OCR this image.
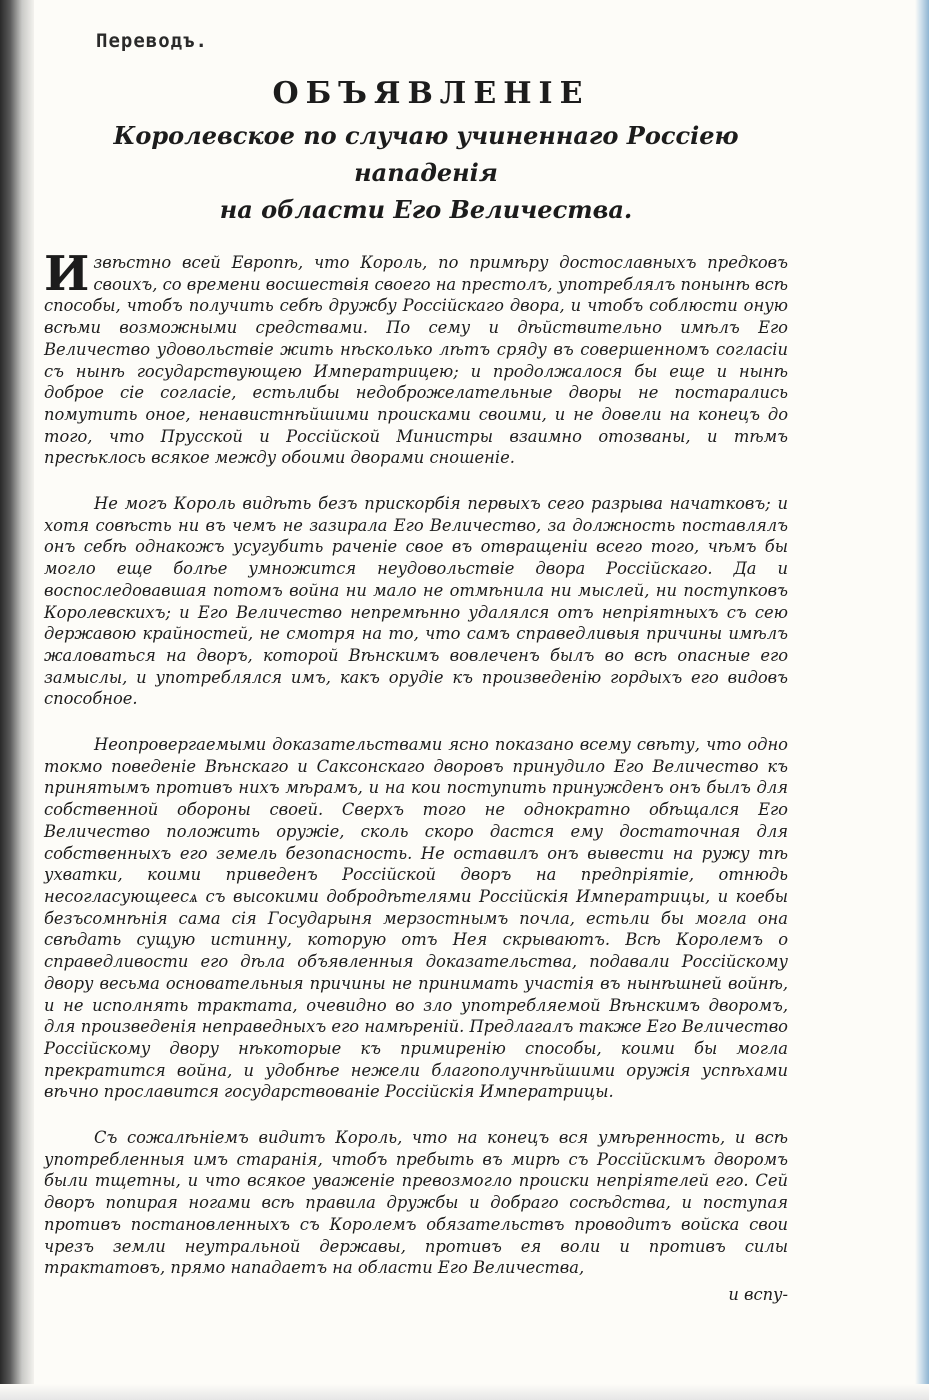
Переводъ.
ОБЪЯВЛЕНІЕ
Королевское по случаю учиненнаго Россіею нападенія
на области Его Величества.

Извѣстно всей Европѣ, что Король, по примѣру достославныхъ предковъ своихъ, со времени восшествія своего на престолъ, употреблялъ понынѣ всѣ способы, чтобъ получить себѣ дружбу Россійскаго двора, и чтобъ соблюсти оную всѣми возможными средствами. По сему и дѣйствительно имѣлъ Его Величество удовольствіе жить нѣсколько лѣтъ сряду въ совершенномъ согласіи съ нынѣ государствующею Императрицею; и продолжалося бы еще и нынѣ доброе сіе согласіе, естьлибы недоброжелательные дворы не постарались помутить оное, ненавистнѣйшими происками своими, и не довели на конецъ до того, что Прусской и Россійской Министры взаимно отозваны, и тѣмъ пресѣклось всякое между обоими дворами сношеніе.

Не могъ Король видѣть безъ прискорбія первыхъ сего разрыва начатковъ; и хотя совѣсть ни въ чемъ не зазирала Его Величество, за должность поставлялъ онъ себѣ однакожъ усугубить раченіе свое въ отвращеніи всего того, чѣмъ бы могло еще болѣе умножится неудовольствіе двора Россійскаго. Да и воспоследовавшая потомъ война ни мало не отмѣнила ни мыслей, ни поступковъ Королевскихъ; и Его Величество непремѣнно удалялся отъ непріятныхъ съ сею державою крайностей, не смотря на то, что самъ справедливыя причины имѣлъ жаловаться на дворъ, которой Вѣнскимъ вовлеченъ былъ во всѣ опасные его замыслы, и употреблялся имъ, какъ орудіе къ произведенію гордыхъ его видовъ способное.

Неопровергаемыми доказательствами ясно показано всему свѣту, что одно токмо поведеніе Вѣнскаго и Саксонскаго дворовъ принудило Его Величество къ принятымъ противъ нихъ мѣрамъ, и на кои поступить принужденъ онъ былъ для собственной обороны своей. Сверхъ того не однократно обѣщался Его Величество положить оружіе, сколь скоро дастся ему достаточная для собственныхъ его земель безопасность. Не оставилъ онъ вывести на ружу тѣ ухватки, коими приведенъ Россійской дворъ на предпріятіе, отнюдь несогласующеесѧ съ высокими добродѣтелями Россійскія Императрицы, и коебы безъсомнѣнія сама сія Государыня мерзостнымъ почла, естьли бы могла она свѣдать сущую истинну, которую отъ Нея скрываютъ. Всѣ Королемъ о справедливости его дѣла объявленныя доказательства, подавали Россійскому двору весьма основательныя причины не принимать участія въ нынѣшней войнѣ, и не исполнять трактата, очевидно во зло употребляемой Вѣнскимъ дворомъ, для произведенія неправедныхъ его намѣреній. Предлагалъ также Его Величество Россійскому двору нѣкоторые къ примиренію способы, коими бы могла прекратится война, и удобнѣе нежели благополучнѣйшими оружія успѣхами вѣчно прославится государствованіе Россійскія Императрицы.

Съ сожалѣніемъ видитъ Король, что на конецъ вся умѣренность, и всѣ употребленныя имъ старанія, чтобъ пребыть въ мирѣ съ Россійскимъ дворомъ были тщетны, и что всякое уваженіе превозмогло происки непріятелей его. Сей дворъ попирая ногами всѣ правила дружбы и добраго сосѣдства, и поступая противъ постановленныхъ съ Королемъ обязательствъ проводитъ войска свои чрезъ земли неутральной державы, противъ ея воли и противъ силы трактатовъ, прямо нападаетъ на области Его Величества,

и вспу-
